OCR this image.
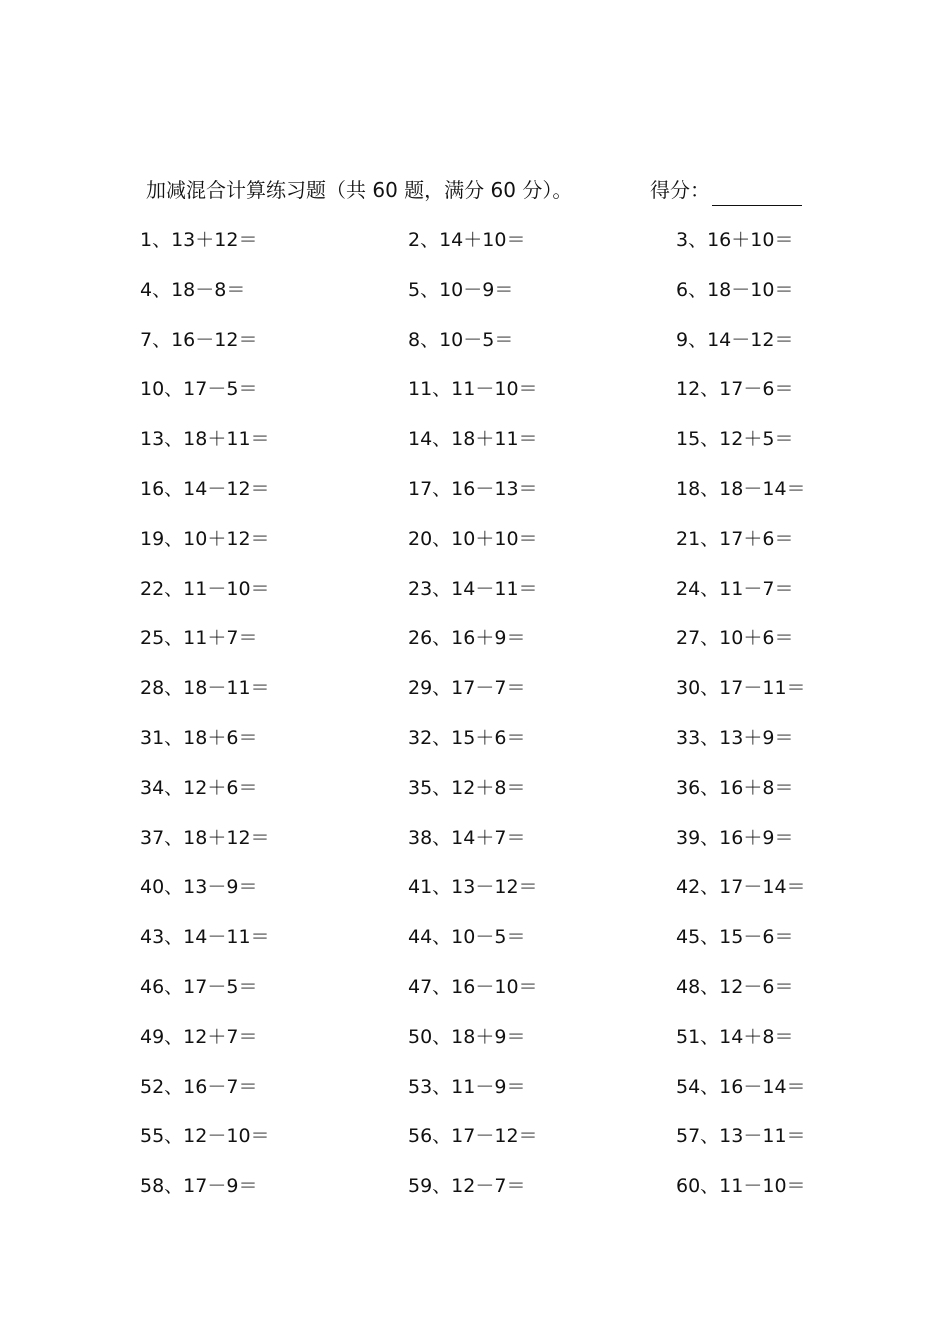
加减混合计算练习题（共 60 题，满分 60 分）。	得分：
1、13＋12＝	2、14＋10＝	3、16＋10＝
4、18－8＝	5、10－9＝	6、18－10＝
7、16－12＝	8、10－5＝	9、14－12＝
10、17－5＝	11、11－10＝	12、17－6＝
13、18＋11＝	14、18＋11＝	15、12＋5＝
16、14－12＝	17、16－13＝	18、18－14＝
19、10＋12＝	20、10＋10＝	21、17＋6＝
22、11－10＝	23、14－11＝	24、11－7＝
25、11＋7＝	26、16＋9＝	27、10＋6＝
28、18－11＝	29、17－7＝	30、17－11＝
31、18＋6＝	32、15＋6＝	33、13＋9＝
34、12＋6＝	35、12＋8＝	36、16＋8＝
37、18＋12＝	38、14＋7＝	39、16＋9＝
40、13－9＝	41、13－12＝	42、17－14＝
43、14－11＝	44、10－5＝	45、15－6＝
46、17－5＝	47、16－10＝	48、12－6＝
49、12＋7＝	50、18＋9＝	51、14＋8＝
52、16－7＝	53、11－9＝	54、16－14＝
55、12－10＝	56、17－12＝	57、13－11＝
58、17－9＝	59、12－7＝	60、11－10＝
